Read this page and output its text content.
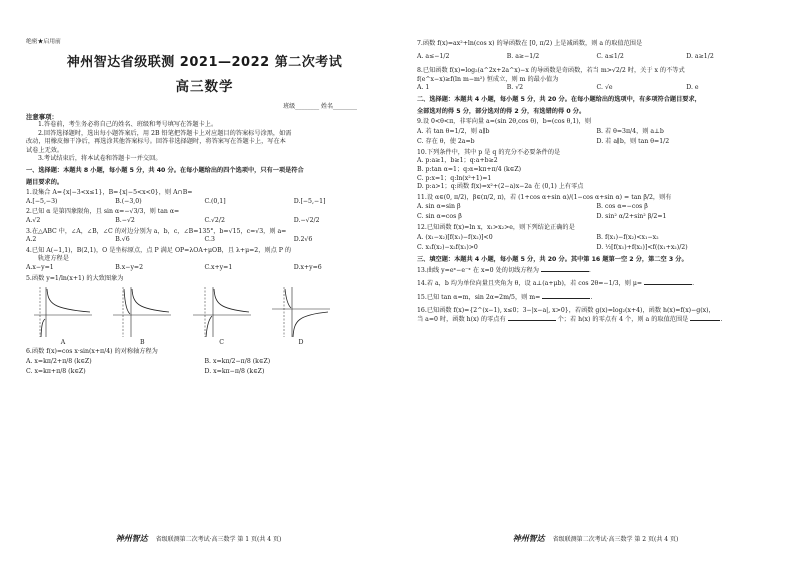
绝密★启用前
神州智达省级联测 2021—2022 第二次考试
高三数学
班级________ 姓名________
注意事项：
1.答卷前，考生务必将自己的姓名、班级和考号填写在答题卡上。
2.回答选择题时，选出每小题答案后，用 2B 铅笔把答题卡上对应题目的答案标号涂黑，如需
改动，用橡皮擦干净后，再选涂其他答案标号。回答非选择题时，将答案写在答题卡上，写在本
试卷上无效。
3.考试结束后，将本试卷和答题卡一并交回。
一、选择题：本题共 8 小题，每小题 5 分，共 40 分。在每小题给出的四个选项中，只有一项是符合
题目要求的。
1.设集合 A={x|−3<x≤1}，B={x|−5<x<0}，则 A∩B=
A.[−5,−3)	B.(−3,0)	C.(0,1]	D.[−5,−1]
2.已知 α 是第四象限角，且 sin α=−√3/3，则 tan α=
A.√2	B.−√2	C.√2/2	D.−√2/2
3.在△ABC 中，∠A，∠B，∠C 的对边分别为 a，b，c，∠B=135°，b=√15，c=√3，则 a=
A.2	B.√6	C.3	D.2√6
4.已知 A(−1,1)，B(2,1)，O 是坐标原点，点 P 满足 OP=λOA+μOB，且 λ+μ=2，则点 P 的
轨迹方程是
A.x−y=1	B.x−y=2	C.x+y=1	D.x+y=6
5.函数 y=1/ln(x+1) 的大致图象为
A	B	C	D
6.函数 f(x)=cos x·sin(x+π/4) 的对称轴方程为
A. x=kπ/2+π/8 (k∈Z)	B. x=kπ/2−π/8 (k∈Z)
C. x=kπ+π/8 (k∈Z)	D. x=kπ−π/8 (k∈Z)
神州智达 省级联测第二次考试·高三数学 第 1 页(共 4 页)
7.函数 f(x)=ax²+ln(cos x) 的导函数在 [0, π/2) 上是减函数，则 a 的取值范围是
A. a≤−1/2	B. a≥−1/2	C. a≤1/2	D. a≥1/2
8.已知函数 f(x)=log₂(a^2x+2a^x)−x 的导函数是奇函数，若当 m>√2/2 时，关于 x 的不等式
f(e^x−x)≥f(ln m−m²) 恒成立，则 m 的最小值为
A. 1	B. √2	C. √e	D. e
二、选择题：本题共 4 小题，每小题 5 分，共 20 分。在每小题给出的选项中，有多项符合题目要求，
全部选对的得 5 分，部分选对的得 2 分，有选错的得 0 分。
9.设 0<θ<π，非零向量 a=(sin 2θ,cos θ)，b=(cos θ,1)，则
A. 若 tan θ=1/2，则 a∥b	B. 若 θ=3π/4，则 a⊥b
C. 存在 θ，使 2a=b	D. 若 a∥b，则 tan θ=1/2
10.下列条件中，其中 p 是 q 的充分不必要条件的是
A. p:a≥1，b≥1；q:a+b≥2
B. p:tan α=1；q:α=kπ+π/4 (k∈Z)
C. p:x=1；q:ln(x²+1)=1
D. p:a>1；q:函数 f(x)=x²+(2−a)x−2a 在 (0,1) 上有零点
11.设 α∈(0, π/2)，β∈(π/2, π)，若 (1+cos α+sin α)/(1−cos α+sin α) = tan β/2，则有
A. sin α=sin β	B. cos α=−cos β
C. sin α=cos β	D. sin² α/2+sin² β/2=1
12.已知函数 f(x)=ln x，x₁>x₂>e，则下列结论正确的是
A. (x₁−x₂)[f(x₁)−f(x₂)]<0	B. f(x₁)−f(x₂)<x₁−x₂
C. x₁f(x₂)−x₂f(x₁)>0	D. ½[f(x₁)+f(x₂)]<f((x₁+x₂)/2)
三、填空题：本题共 4 小题，每小题 5 分，共 20 分。其中第 16 题第一空 2 分，第二空 3 分。
13.曲线 y=eˣ−e⁻ˣ 在 x=0 处的切线方程为	.
14.若 a，b 均为单位向量且夹角为 θ，设 a⊥(a+μb)，若 cos 2θ=−1/3，则 μ=	.
15.已知 tan α=m，sin 2α=2m/5，则 m=	.
16.已知函数 f(x)={2^(x−1), x≤0；3−|x−a|, x>0}，若函数 g(x)=log₂(x+4)，函数 h(x)=f(x)−g(x)，
当 a=0 时，函数 h(x) 的零点有	个；若 h(x) 的零点有 4 个，则 a 的取值范围是	.
神州智达 省级联测第二次考试·高三数学 第 2 页(共 4 页)
